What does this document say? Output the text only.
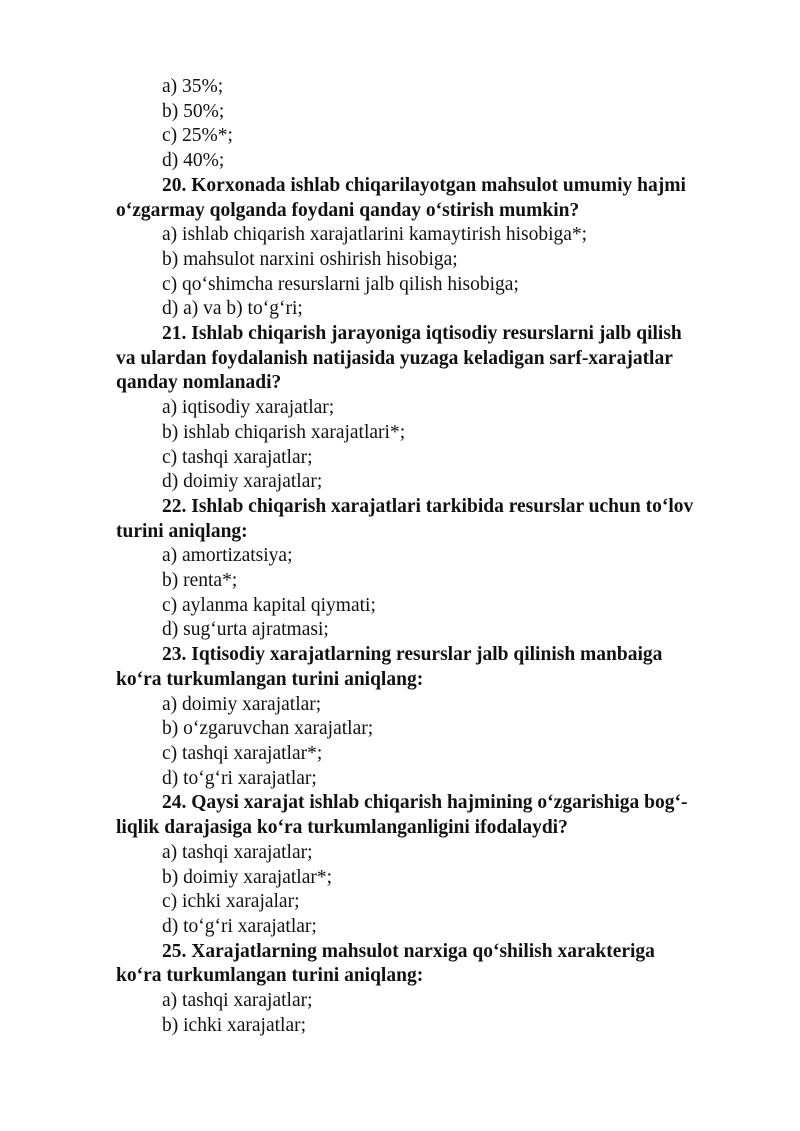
a) 35%;

b) 50%;

c) 25%*;

d) 40%;

20. Korxonada ishlab chiqarilayotgan mahsulot umumiy hajmi
o‘zgarmay qolganda foydani qanday o‘stirish mumkin?

a) ishlab chiqarish xarajatlarini kamaytirish hisobiga*;

b) mahsulot narxini oshirish hisobiga;

c) qo‘shimcha resurslarni jalb qilish hisobiga;

d) a) va b) to‘g‘ri;

21. Ishlab chiqarish jarayoniga iqtisodiy resurslarni jalb qilish
va ulardan foydalanish natijasida yuzaga keladigan sarf-xarajatlar
qanday nomlanadi?

a) iqtisodiy xarajatlar;

b) ishlab chiqarish xarajatlari*;

c) tashqi xarajatlar;

d) doimiy xarajatlar;

22. Ishlab chiqarish xarajatlari tarkibida resurslar uchun to‘lov
turini aniqlang:

a) amortizatsiya;

b) renta*;

c) aylanma kapital qiymati;

d) sug‘urta ajratmasi;

23. Iqtisodiy xarajatlarning resurslar jalb qilinish manbaiga
ko‘ra turkumlangan turini aniqlang:

a) doimiy xarajatlar;

b) o‘zgaruvchan xarajatlar;

c) tashqi xarajatlar*;

d) to‘g‘ri xarajatlar;

24. Qaysi xarajat ishlab chiqarish hajmining o‘zgarishiga bog‘-
liqlik darajasiga ko‘ra turkumlanganligini ifodalaydi?

a) tashqi xarajatlar;

b) doimiy xarajatlar*;

c) ichki xarajalar;

d) to‘g‘ri xarajatlar;

25. Xarajatlarning mahsulot narxiga qo‘shilish xarakteriga
ko‘ra turkumlangan turini aniqlang:

a) tashqi xarajatlar;

b) ichki xarajatlar;
